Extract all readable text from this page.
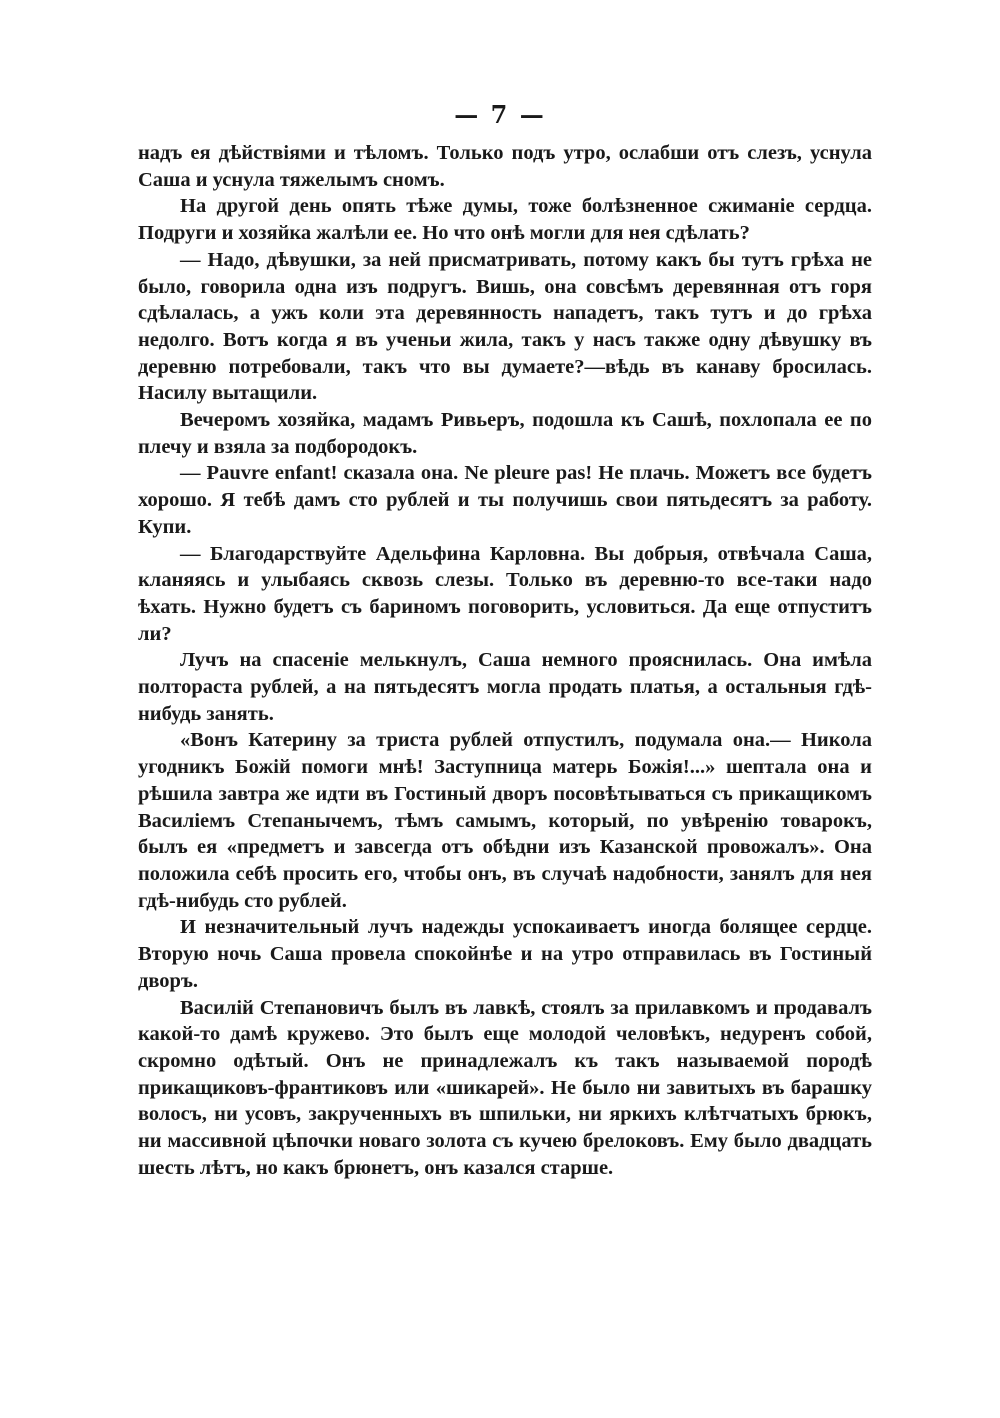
— 7 —

надъ ея дѣйствіями и тѣломъ. Только подъ утро, ослабши отъ слезъ, уснула Саша и уснула тяжелымъ сномъ.

На другой день опять тѣже думы, тоже болѣзненное сжиманіе сердца. Подруги и хозяйка жалѣли ее. Но что онѣ могли для нея сдѣлать?

— Надо, дѣвушки, за ней присматривать, потому какъ бы тутъ грѣха не было, говорила одна изъ подругъ. Вишь, она совсѣмъ деревянная отъ горя сдѣлалась, а ужъ коли эта деревянность нападетъ, такъ тутъ и до грѣха недолго. Вотъ когда я въ ученьи жила, такъ у насъ также одну дѣвушку въ деревню потребовали, такъ что вы думаете?—вѣдь въ канаву бросилась. Насилу вытащили.

Вечеромъ хозяйка, мадамъ Ривьеръ, подошла къ Сашѣ, похлопала ее по плечу и взяла за подбородокъ.

— Pauvre enfant! сказала она. Ne pleure pas! Не плачь. Можетъ все будетъ хорошо. Я тебѣ дамъ сто рублей и ты получишь свои пятьдесятъ за работу. Купи.

— Благодарствуйте Адельфина Карловна. Вы добрыя, отвѣчала Саша, кланяясь и улыбаясь сквозь слезы. Только въ деревню-то все-таки надо ѣхать. Нужно будетъ съ бариномъ поговорить, условиться. Да еще отпуститъ ли?

Лучъ на спасеніе мелькнулъ, Саша немного прояснилась. Она имѣла полтораста рублей, а на пятьдесятъ могла продать платья, а остальныя гдѣ-нибудь занять.

«Вонъ Катерину за триста рублей отпустилъ, подумала она.— Никола угодникъ Божій помоги мнѣ! Заступница матерь Божія!...» шептала она и рѣшила завтра же идти въ Гостиный дворъ посовѣтываться съ прикащикомъ Василіемъ Степанычемъ, тѣмъ самымъ, который, по увѣренію товарокъ, былъ ея «предметъ и завсегда отъ обѣдни изъ Казанской провожалъ». Она положила себѣ просить его, чтобы онъ, въ случаѣ надобности, занялъ для нея гдѣ-нибудь сто рублей.

И незначительный лучъ надежды успокаиваетъ иногда болящее сердце. Вторую ночь Саша провела спокойнѣе и на утро отправилась въ Гостиный дворъ.

Василій Степановичъ былъ въ лавкѣ, стоялъ за прилавкомъ и продавалъ какой-то дамѣ кружево. Это былъ еще молодой человѣкъ, недуренъ собой, скромно одѣтый. Онъ не принадлежалъ къ такъ называемой породѣ прикащиковъ-франтиковъ или «шикарей». Не было ни завитыхъ въ барашку волосъ, ни усовъ, закрученныхъ въ шпильки, ни яркихъ клѣтчатыхъ брюкъ, ни массивной цѣпочки новаго золота съ кучею брелоковъ. Ему было двадцать шесть лѣтъ, но какъ брюнетъ, онъ казался старше.
